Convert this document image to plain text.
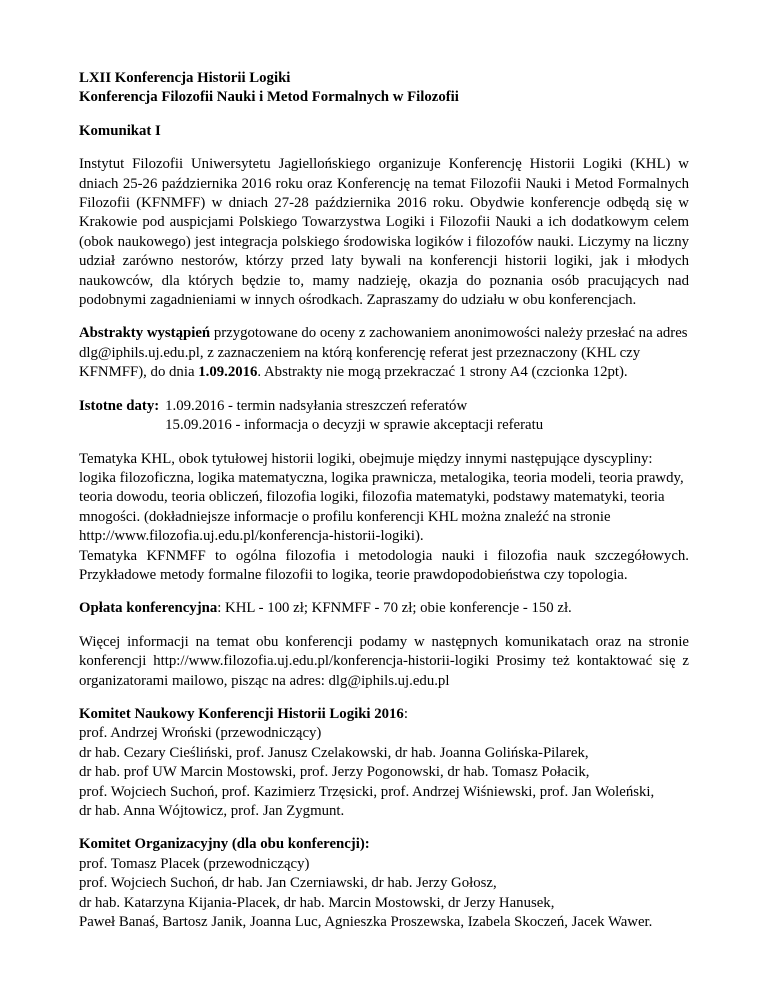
LXII Konferencja Historii Logiki

Konferencja Filozofii Nauki i Metod Formalnych w Filozofii

Komunikat I

Instytut Filozofii Uniwersytetu Jagiellońskiego organizuje Konferencję Historii Logiki (KHL) w dniach 25-26 października 2016 roku oraz Konferencję na temat Filozofii Nauki i Metod Formalnych Filozofii (KFNMFF) w dniach 27-28 października 2016 roku. Obydwie konferencje odbędą się w Krakowie pod auspicjami Polskiego Towarzystwa Logiki i Filozofii Nauki a ich dodatkowym celem (obok naukowego) jest integracja polskiego środowiska logików i filozofów nauki. Liczymy na liczny udział zarówno nestorów, którzy przed laty bywali na konferencji historii logiki, jak i młodych naukowców, dla których będzie to, mamy nadzieję, okazja do poznania osób pracujących nad podobnymi zagadnieniami w innych ośrodkach. Zapraszamy do udziału w obu konferencjach.

Abstrakty wystąpień przygotowane do oceny z zachowaniem anonimowości należy przesłać na adres dlg@iphils.uj.edu.pl, z zaznaczeniem na którą konferencję referat jest przeznaczony (KHL czy KFNMFF), do dnia 1.09.2016. Abstrakty nie mogą przekraczać 1 strony A4 (czcionka 12pt).

Istotne daty: 1.09.2016 - termin nadsyłania streszczeń referatów
15.09.2016 - informacja o decyzji w sprawie akceptacji referatu

Tematyka KHL, obok tytułowej historii logiki, obejmuje między innymi następujące dyscypliny: logika filozoficzna, logika matematyczna, logika prawnicza, metalogika, teoria modeli, teoria prawdy, teoria dowodu, teoria obliczeń, filozofia logiki, filozofia matematyki, podstawy matematyki, teoria mnogości. (dokładniejsze informacje o profilu konferencji KHL można znaleźć na stronie http://www.filozofia.uj.edu.pl/konferencja-historii-logiki).

Tematyka KFNMFF to ogólna filozofia i metodologia nauki i filozofia nauk szczegółowych. Przykładowe metody formalne filozofii to logika, teorie prawdopodobieństwa czy topologia.

Opłata konferencyjna: KHL - 100 zł; KFNMFF - 70 zł; obie konferencje - 150 zł.

Więcej informacji na temat obu konferencji podamy w następnych komunikatach oraz na stronie konferencji http://www.filozofia.uj.edu.pl/konferencja-historii-logiki Prosimy też kontaktować się z organizatorami mailowo, pisząc na adres: dlg@iphils.uj.edu.pl

Komitet Naukowy Konferencji Historii Logiki 2016:

prof. Andrzej Wroński (przewodniczący)
dr hab. Cezary Cieśliński, prof. Janusz Czelakowski, dr hab. Joanna Golińska-Pilarek,
dr hab. prof UW Marcin Mostowski, prof. Jerzy Pogonowski, dr hab. Tomasz Połacik,
prof. Wojciech Suchoń, prof. Kazimierz Trzęsicki, prof. Andrzej Wiśniewski, prof. Jan Woleński,
dr hab. Anna Wójtowicz, prof. Jan Zygmunt.

Komitet Organizacyjny (dla obu konferencji):

prof. Tomasz Placek (przewodniczący)
prof. Wojciech Suchoń, dr hab. Jan Czerniawski, dr hab. Jerzy Gołosz,
dr hab. Katarzyna Kijania-Placek, dr hab. Marcin Mostowski, dr Jerzy Hanusek,
Paweł Banaś, Bartosz Janik, Joanna Luc, Agnieszka Proszewska, Izabela Skoczeń, Jacek Wawer.
